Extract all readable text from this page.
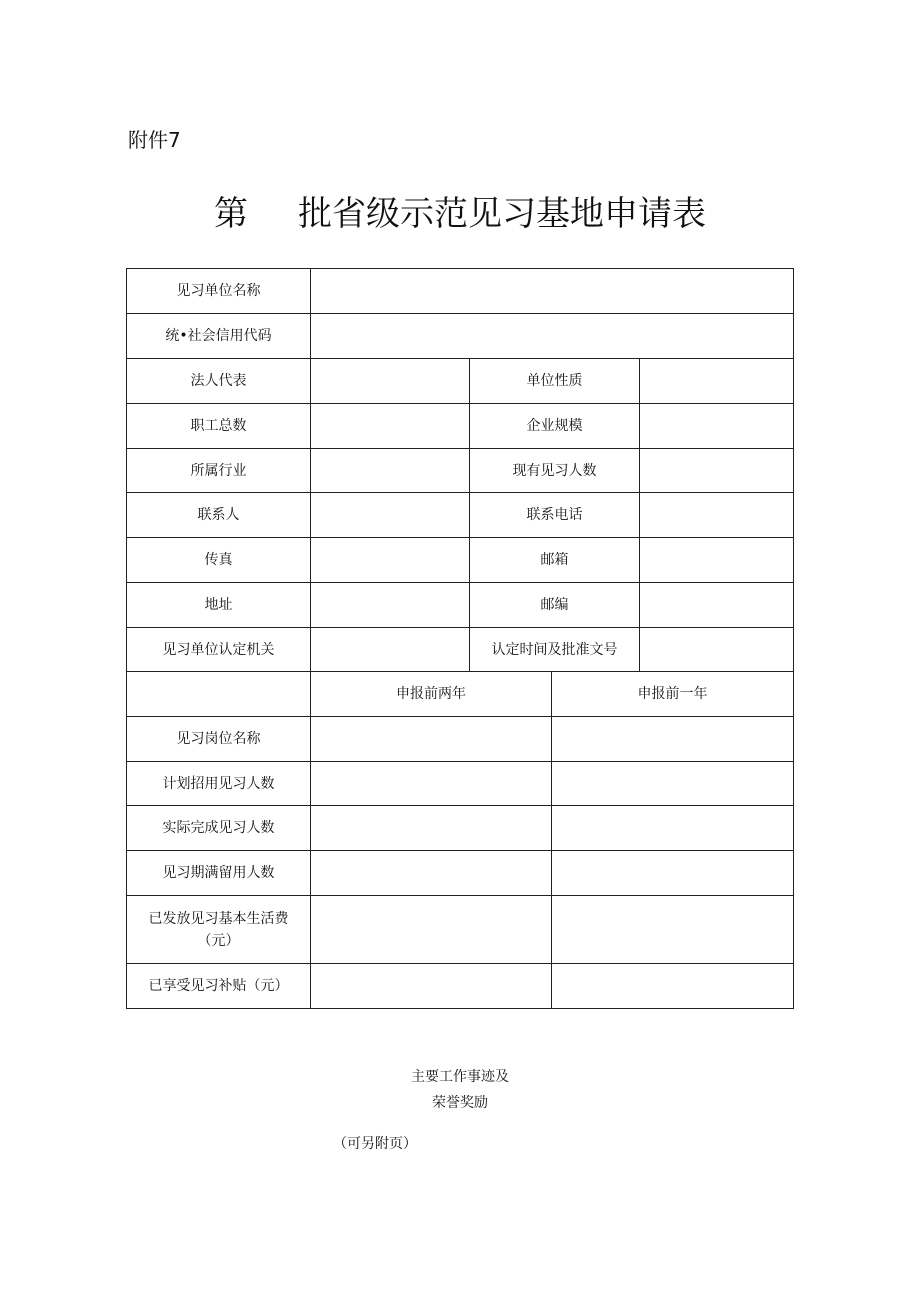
附件7
第 批省级示范见习基地申请表
见习单位名称
统•社会信用代码
法人代表	单位性质
职工总数	企业规模
所属行业	现有见习人数
联系人	联系电话
传真	邮箱
地址	邮编
见习单位认定机关	认定时间及批准文号
申报前两年	申报前一年
见习岗位名称
计划招用见习人数
实际完成见习人数
见习期满留用人数
已发放见习基本生活费（元）
已享受见习补贴（元）
主要工作事迹及
荣誉奖励
（可另附页）
